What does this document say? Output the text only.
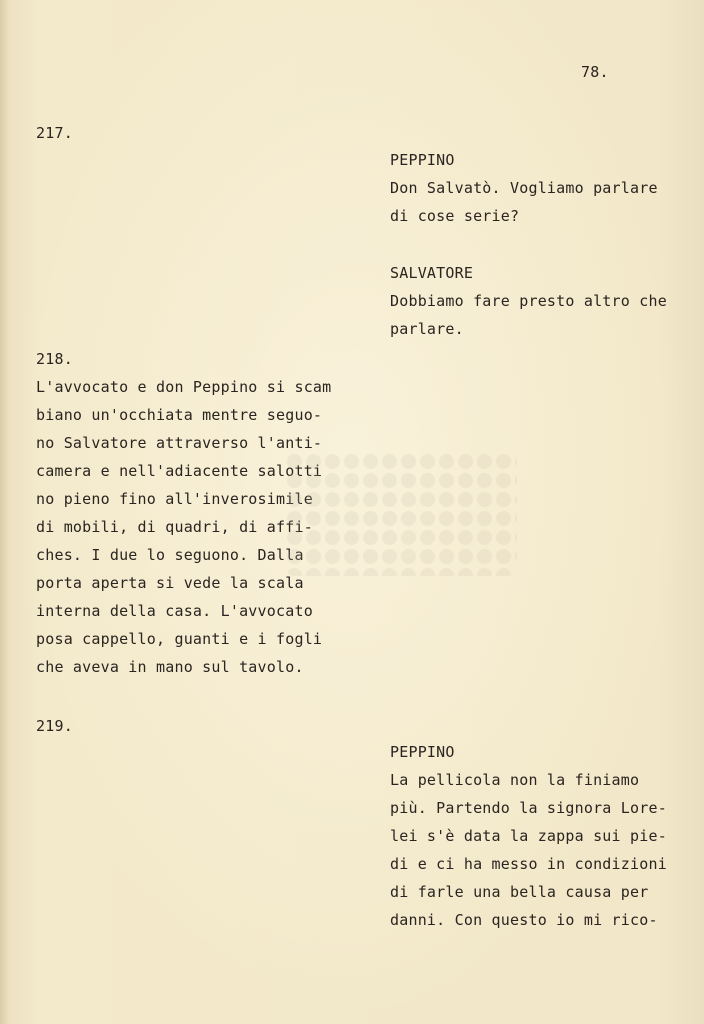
78.
217.
PEPPINO
Don Salvatò. Vogliamo parlare
di cose serie?
SALVATORE
Dobbiamo fare presto altro che
parlare.
218.
L'avvocato e don Peppino si scam
biano un'occhiata mentre seguo-
no Salvatore attraverso l'anti-
camera e nell'adiacente salotti
no pieno fino all'inverosimile
di mobili, di quadri, di affi-
ches. I due lo seguono. Dalla
porta aperta si vede la scala
interna della casa. L'avvocato
posa cappello, guanti e i fogli
che aveva in mano sul tavolo.
219.
PEPPINO
La pellicola non la finiamo
più. Partendo la signora Lore-
lei s'è data la zappa sui pie-
di e ci ha messo in condizioni
di farle una bella causa per
danni. Con questo io mi rico-
